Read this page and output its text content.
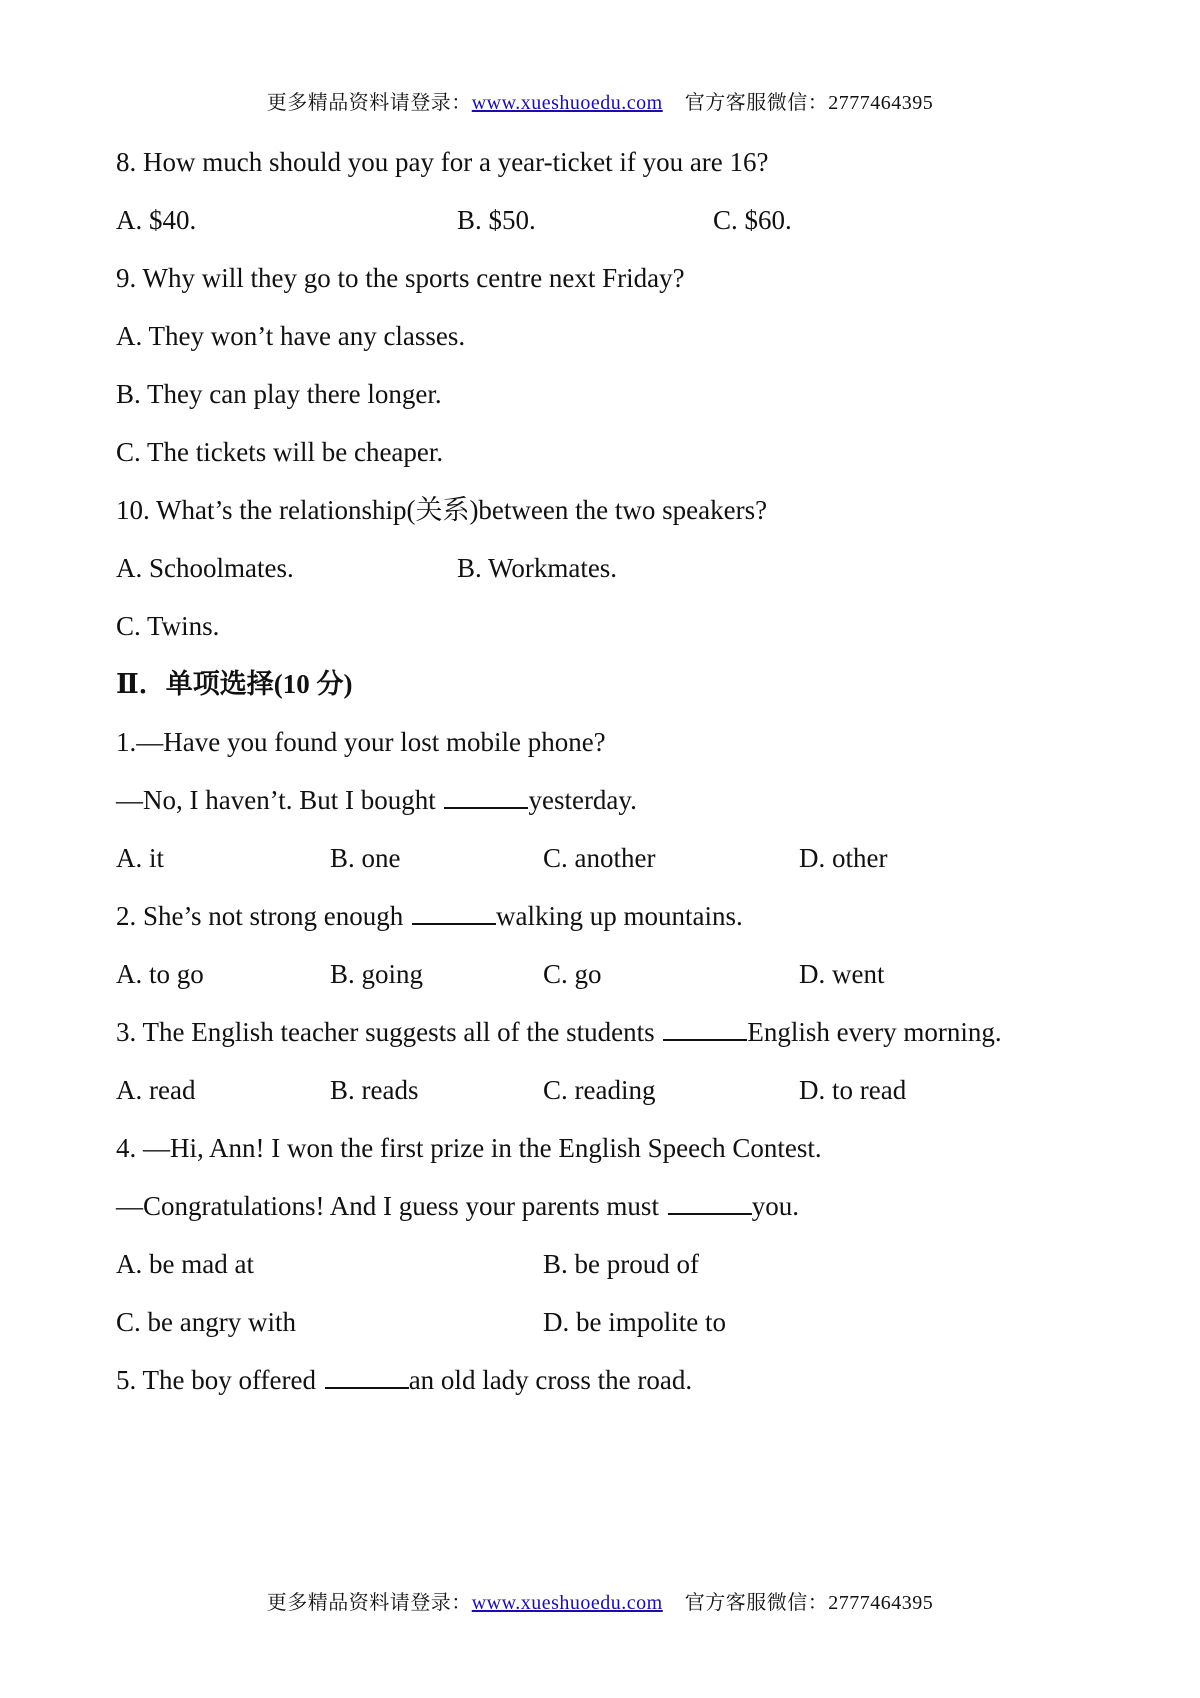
更多精品资料请登录：www.xueshuoedu.com 官方客服微信：2777464395
8. How much should you pay for a year-ticket if you are 16?
A. $40.	B. $50.	C. $60.
9. Why will they go to the sports centre next Friday?
A. They won’t have any classes.
B. They can play there longer.
C. The tickets will be cheaper.
10. What’s the relationship(关系)between the two speakers?
A. Schoolmates.	B. Workmates.
C. Twins.
Ⅱ．单项选择(10 分)
1.—Have you found your lost mobile phone?
—No, I haven’t. But I bought	yesterday.
A. it	B. one	C. another	D. other
2. She’s not strong enough	walking up mountains.
A. to go	B. going	C. go	D. went
3. The English teacher suggests all of the students	English every morning.
A. read	B. reads	C. reading	D. to read
4. —Hi, Ann! I won the first prize in the English Speech Contest.
—Congratulations! And I guess your parents must	you.
A. be mad at	B. be proud of
C. be angry with	D. be impolite to
5. The boy offered	an old lady cross the road.
更多精品资料请登录：www.xueshuoedu.com 官方客服微信：2777464395
